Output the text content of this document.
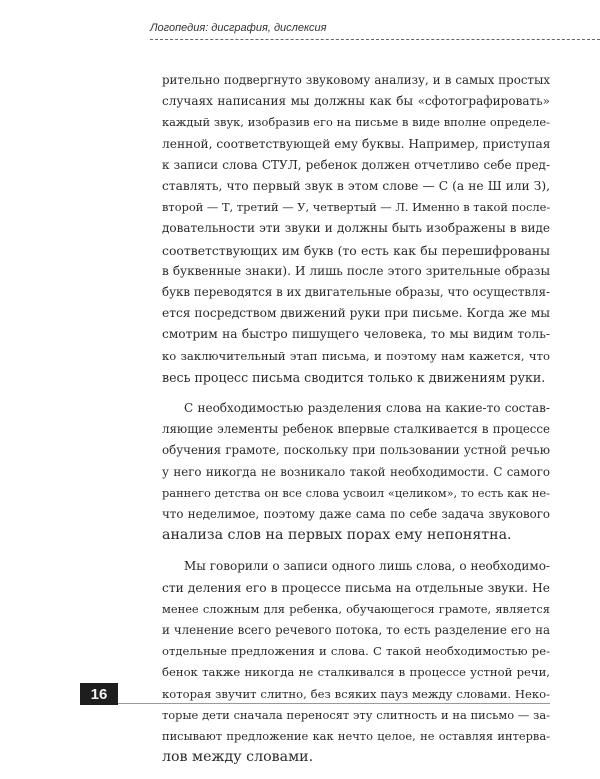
Логопедия: дисграфия, дислексия
рительно подвергнуто звуковому анализу, и в самых простых
случаях написания мы должны как бы «сфотографировать»
каждый звук, изобразив его на письме в виде вполне определе-
ленной, соответствующей ему буквы. Например, приступая
к записи слова СТУЛ, ребенок должен отчетливо себе пред-
ставлять, что первый звук в этом слове — С (а не Ш или З),
второй — Т, третий — У, четвертый — Л. Именно в такой после-
довательности эти звуки и должны быть изображены в виде
соответствующих им букв (то есть как бы перешифрованы
в буквенные знаки). И лишь после этого зрительные образы
букв переводятся в их двигательные образы, что осуществля-
ется посредством движений руки при письме. Когда же мы
смотрим на быстро пишущего человека, то мы видим толь-
ко заключительный этап письма, и поэтому нам кажется, что
весь процесс письма сводится только к движениям руки.
С необходимостью разделения слова на какие-то состав-
ляющие элементы ребенок впервые сталкивается в процессе
обучения грамоте, поскольку при пользовании устной речью
у него никогда не возникало такой необходимости. С самого
раннего детства он все слова усвоил «целиком», то есть как не-
что неделимое, поэтому даже сама по себе задача звукового
анализа слов на первых порах ему непонятна.
Мы говорили о записи одного лишь слова, о необходимо-
сти деления его в процессе письма на отдельные звуки. Не
менее сложным для ребенка, обучающегося грамоте, является
и членение всего речевого потока, то есть разделение его на
отдельные предложения и слова. С такой необходимостью ре-
бенок также никогда не сталкивался в процессе устной речи,
которая звучит слитно, без всяких пауз между словами. Неко-
торые дети сначала переносят эту слитность и на письмо — за-
писывают предложение как нечто целое, не оставляя интерва-
лов между словами.
16
